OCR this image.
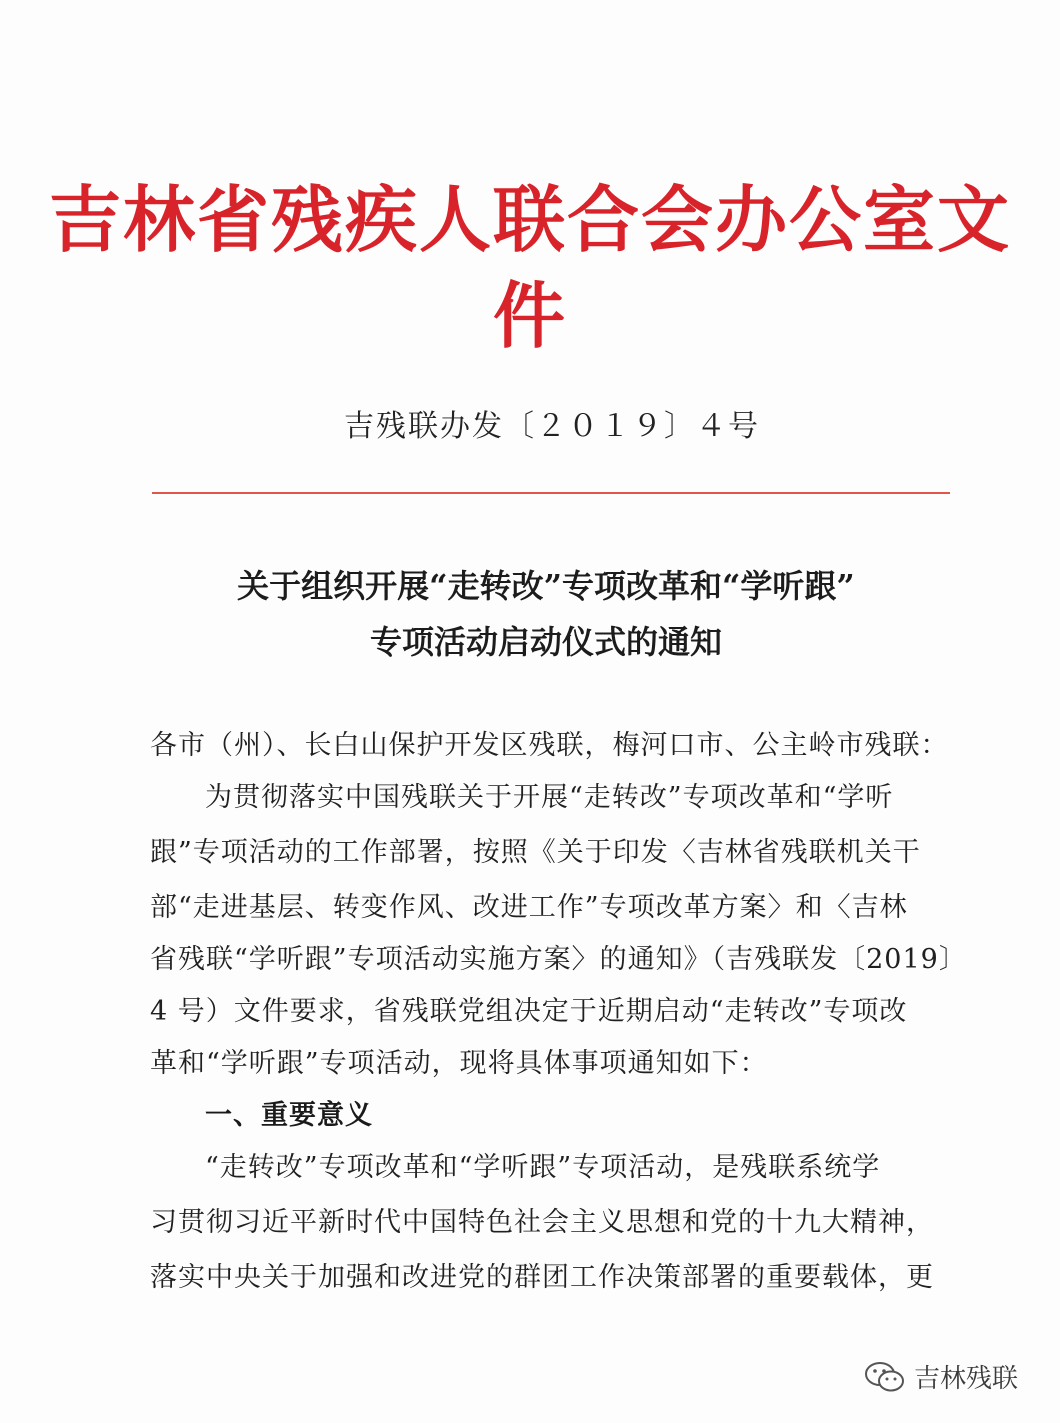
吉林省残疾人联合会办公室文件
吉残联办发〔２０１９〕４号
关于组织开展“走转改”专项改革和“学听跟”
专项活动启动仪式的通知
各市（州）、长白山保护开发区残联，梅河口市、公主岭市残联：
为贯彻落实中国残联关于开展“走转改”专项改革和“学听
跟”专项活动的工作部署，按照《关于印发〈吉林省残联机关干
部“走进基层、转变作风、改进工作”专项改革方案〉和〈吉林
省残联“学听跟”专项活动实施方案〉的通知》（吉残联发〔2019〕
4 号）文件要求，省残联党组决定于近期启动“走转改”专项改
革和“学听跟”专项活动，现将具体事项通知如下：
一、重要意义
“走转改”专项改革和“学听跟”专项活动，是残联系统学
习贯彻习近平新时代中国特色社会主义思想和党的十九大精神，
落实中央关于加强和改进党的群团工作决策部署的重要载体，更
吉林残联
